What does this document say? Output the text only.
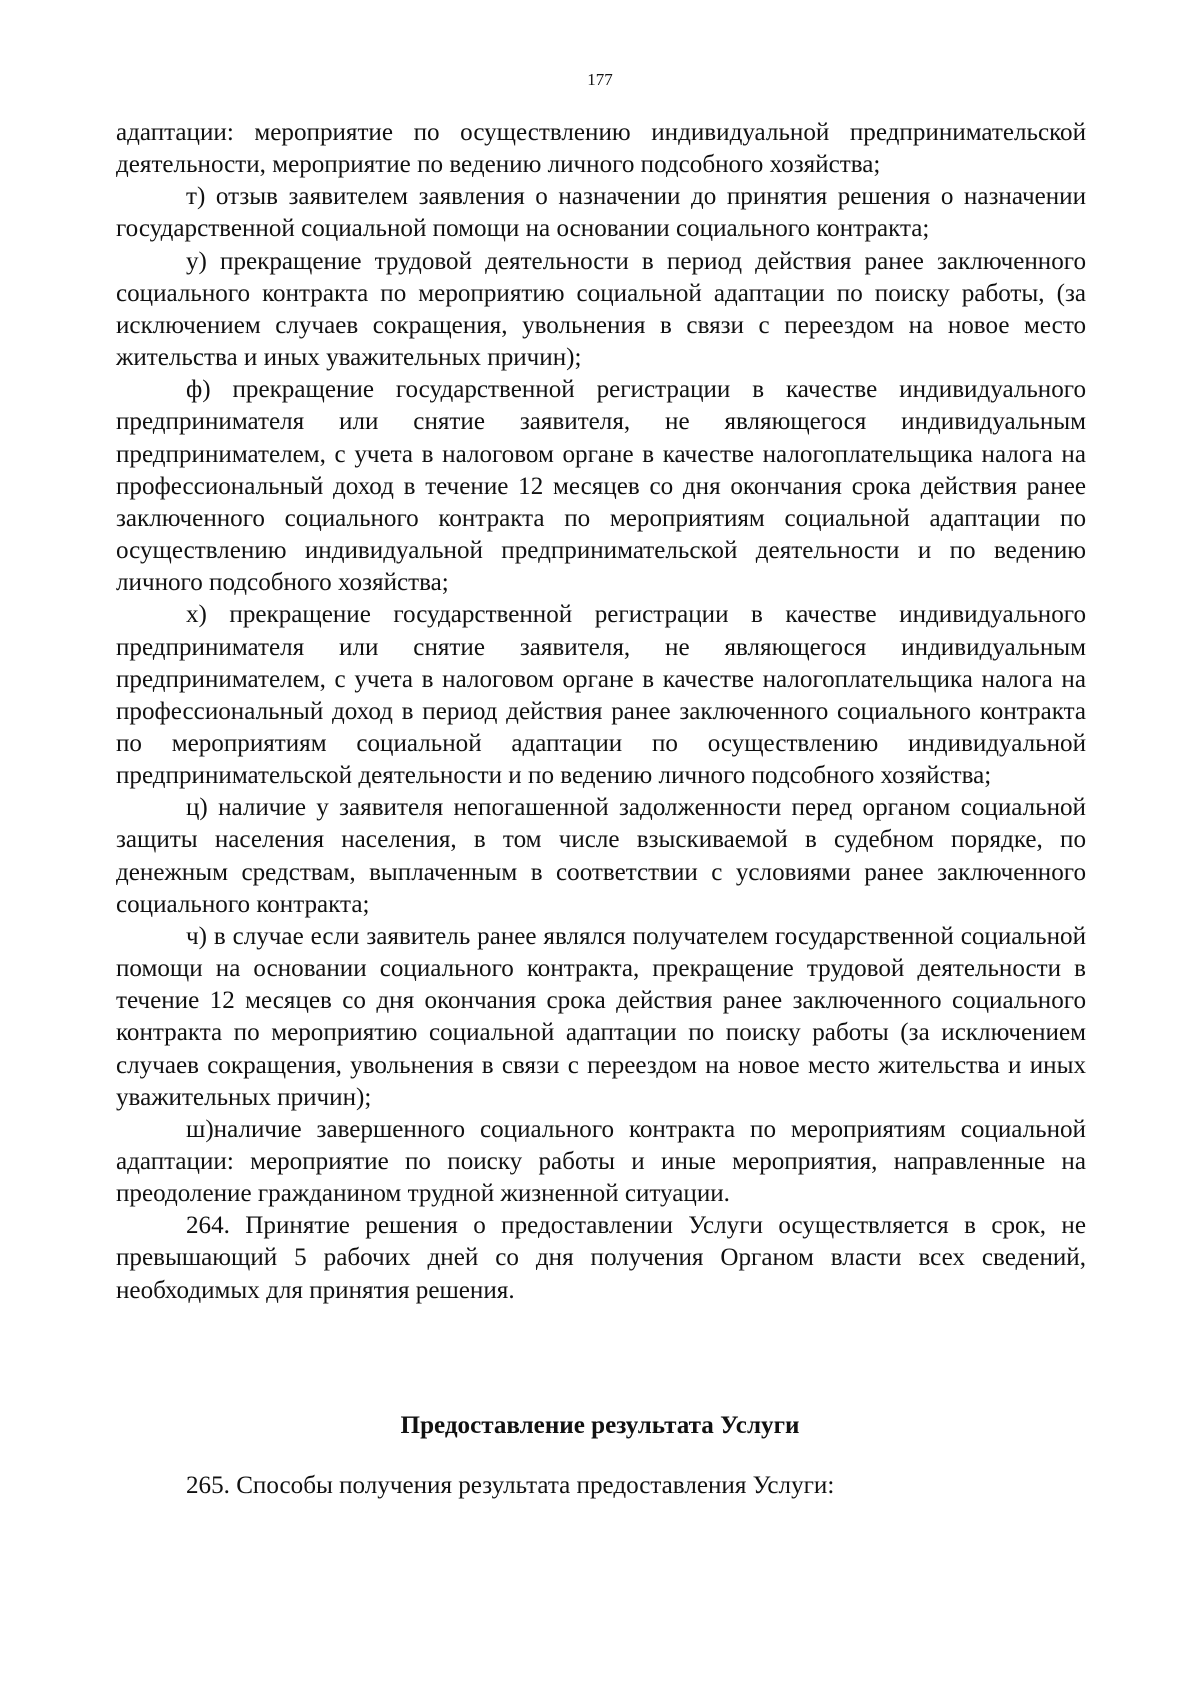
177

адаптации: мероприятие по осуществлению индивидуальной предпринимательской деятельности, мероприятие по ведению личного подсобного хозяйства;

т) отзыв заявителем заявления о назначении до принятия решения о назначении государственной социальной помощи на основании социального контракта;

у) прекращение трудовой деятельности в период действия ранее заключенного социального контракта по мероприятию социальной адаптации по поиску работы, (за исключением случаев сокращения, увольнения в связи с переездом на новое место жительства и иных уважительных причин);

ф) прекращение государственной регистрации в качестве индивидуального предпринимателя или снятие заявителя, не являющегося индивидуальным предпринимателем, с учета в налоговом органе в качестве налогоплательщика налога на профессиональный доход в течение 12 месяцев со дня окончания срока действия ранее заключенного социального контракта по мероприятиям социальной адаптации по осуществлению индивидуальной предпринимательской деятельности и по ведению личного подсобного хозяйства;

х) прекращение государственной регистрации в качестве индивидуального предпринимателя или снятие заявителя, не являющегося индивидуальным предпринимателем, с учета в налоговом органе в качестве налогоплательщика налога на профессиональный доход в период действия ранее заключенного социального контракта по мероприятиям социальной адаптации по осуществлению индивидуальной предпринимательской деятельности и по ведению личного подсобного хозяйства;

ц) наличие у заявителя непогашенной задолженности перед органом социальной защиты населения населения, в том числе взыскиваемой в судебном порядке, по денежным средствам, выплаченным в соответствии с условиями ранее заключенного социального контракта;

ч) в случае если заявитель ранее являлся получателем государственной социальной помощи на основании социального контракта, прекращение трудовой деятельности в течение 12 месяцев со дня окончания срока действия ранее заключенного социального контракта по мероприятию социальной адаптации по поиску работы (за исключением случаев сокращения, увольнения в связи с переездом на новое место жительства и иных уважительных причин);

ш)наличие завершенного социального контракта по мероприятиям социальной адаптации: мероприятие по поиску работы и иные мероприятия, направленные на преодоление гражданином трудной жизненной ситуации.

264. Принятие решения о предоставлении Услуги осуществляется в срок, не превышающий 5 рабочих дней со дня получения Органом власти всех сведений, необходимых для принятия решения.

Предоставление результата Услуги

265. Способы получения результата предоставления Услуги:
